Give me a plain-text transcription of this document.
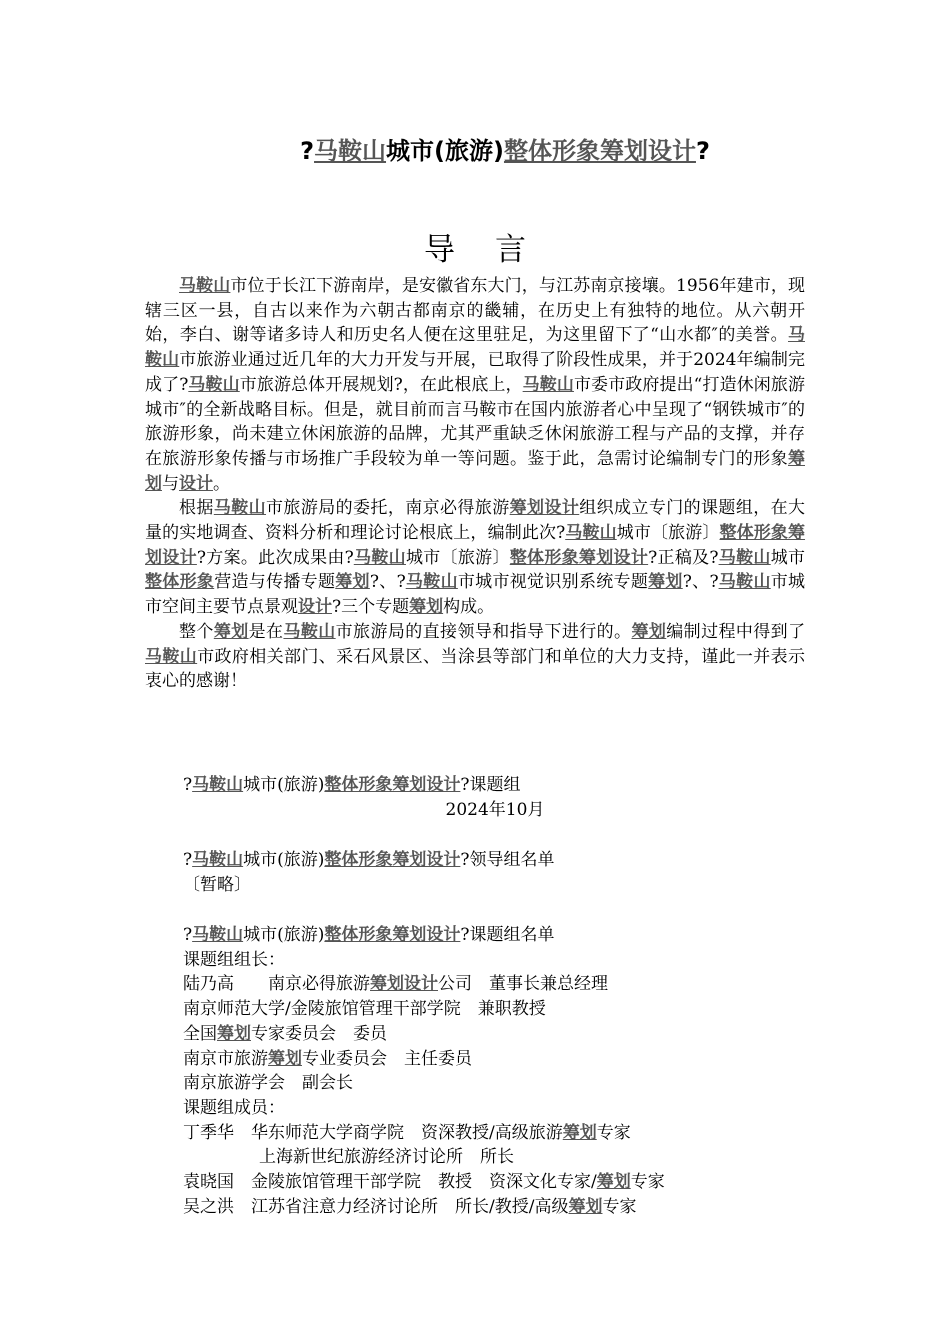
?马鞍山城市(旅游)整体形象筹划设计?
导言

马鞍山市位于长江下游南岸，是安徽省东大门，与江苏南京接壤。1956年建市，现辖三区一县，自古以来作为六朝古都南京的畿辅，在历史上有独特的地位。从六朝开始，李白、谢等诸多诗人和历史名人便在这里驻足，为这里留下了“山水都″的美誉。马鞍山市旅游业通过近几年的大力开发与开展，已取得了阶段性成果，并于2024年编制完成了?马鞍山市旅游总体开展规划?，在此根底上，马鞍山市委市政府提出“打造休闲旅游城市″的全新战略目标。但是，就目前而言马鞍市在国内旅游者心中呈现了“钢铁城市″的旅游形象，尚未建立休闲旅游的品牌，尤其严重缺乏休闲旅游工程与产品的支撑，并存在旅游形象传播与市场推广手段较为单一等问题。鉴于此，急需讨论编制专门的形象筹划与设计。

根据马鞍山市旅游局的委托，南京必得旅游筹划设计组织成立专门的课题组，在大量的实地调查、资料分析和理论讨论根底上，编制此次?马鞍山城市〔旅游〕整体形象筹划设计?方案。此次成果由?马鞍山城市〔旅游〕整体形象筹划设计?正稿及?马鞍山城市整体形象营造与传播专题筹划?、?马鞍山市城市视觉识别系统专题筹划?、?马鞍山市城市空间主要节点景观设计?三个专题筹划构成。

整个筹划是在马鞍山市旅游局的直接领导和指导下进行的。筹划编制过程中得到了马鞍山市政府相关部门、采石风景区、当涂县等部门和单位的大力支持，谨此一并表示衷心的感谢！

?马鞍山城市(旅游)整体形象筹划设计?课题组
2024年10月
?马鞍山城市(旅游)整体形象筹划设计?领导组名单
〔暂略〕
?马鞍山城市(旅游)整体形象筹划设计?课题组名单
课题组组长：
陆乃高　　南京必得旅游筹划设计公司　董事长兼总经理
南京师范大学/金陵旅馆管理干部学院　兼职教授
全国筹划专家委员会　委员
南京市旅游筹划专业委员会　主任委员
南京旅游学会　副会长
课题组成员：
丁季华　华东师范大学商学院　资深教授/高级旅游筹划专家
上海新世纪旅游经济讨论所　所长
袁晓国　金陵旅馆管理干部学院　教授　资深文化专家/筹划专家
吴之洪　江苏省注意力经济讨论所　所长/教授/高级筹划专家
